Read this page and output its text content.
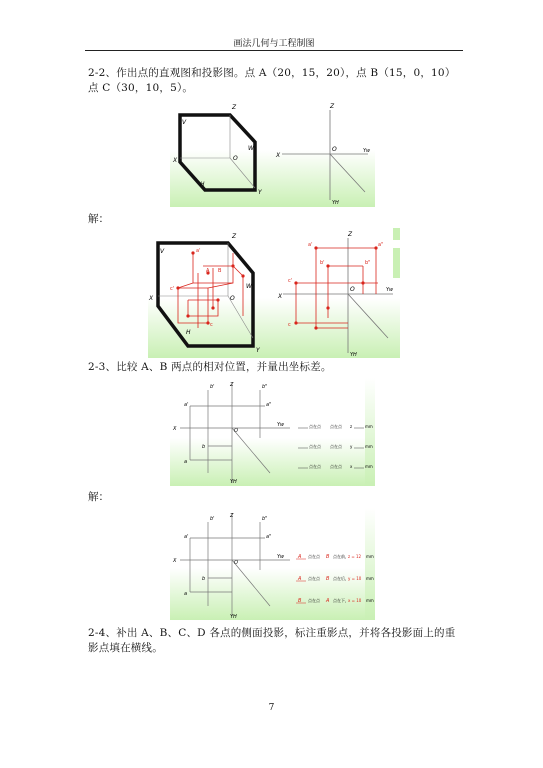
画法几何与工程制图
2-2、作出点的直观图和投影图。点 A（20，15，20），点 B（15，0，10）点 C（30，10，5）。
Z
V
X	O
W
H
Y
Z
X
O	Yw
YH
解：
Z
V
X	O
W
H
Y
a'
A B
c'
c
Z
X
O	Yw
YH
a'	a"
b'	b"
c'
c
2-3、比较 A、B 两点的相对位置，并量出坐标差。
b'	Z	b"
a'	a"
X	O
Yw
b
a
YH
点在点 点在点 z	mm
点在点 点在点 y	mm
点在点 点在点 x	mm
解：
b'	Z	b"
a'	a"
X	O
Yw
b
a
YH
A 点在点 B 点在前， z = 12 mm
A 点在点 B 点在后， y = 10 mm
B 点在点 A 点在下， x = 10 mm
2-4、补出 A、B、C、D 各点的侧面投影，标注重影点，并将各投影面上的重影点填在横线。
7
